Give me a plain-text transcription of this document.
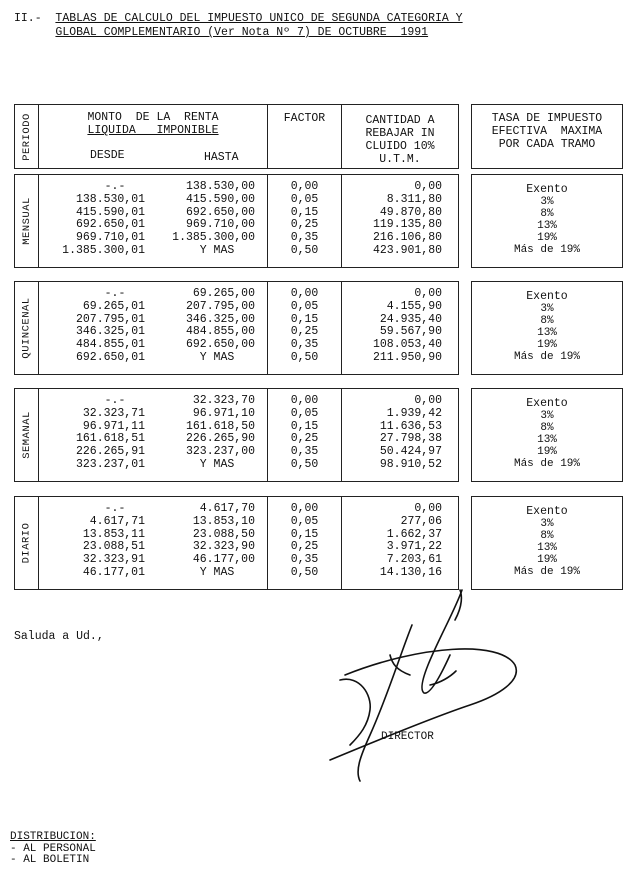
II.- TABLAS DE CALCULO DEL IMPUESTO UNICO DE SEGUNDA CATEGORIA Y
GLOBAL COMPLEMENTARIO (Ver Nota Nº 7) DE OCTUBRE  1991
PERIODO	MONTO  DE LA  RENTA
LIQUIDA   IMPONIBLE
DESDE	HASTA
FACTOR	CANTIDAD A
REBAJAR IN
CLUIDO 10%
U.T.M.
TASA DE IMPUESTO
EFECTIVA  MAXIMA
POR CADA TRAMO
MENSUAL
-.-	138.530,00	0,00	0,00
138.530,01	415.590,00	0,05	8.311,80
415.590,01	692.650,00	0,15	49.870,80
692.650,01	969.710,00	0,25	119.135,80
969.710,01	1.385.300,00	0,35	216.106,80
1.385.300,01	Y MAS	0,50	423.901,80
Exento
3%
8%
13%
19%
Más de 19%
QUINCENAL
-.-	69.265,00	0,00	0,00
69.265,01	207.795,00	0,05	4.155,90
207.795,01	346.325,00	0,15	24.935,40
346.325,01	484.855,00	0,25	59.567,90
484.855,01	692.650,00	0,35	108.053,40
692.650,01	Y MAS	0,50	211.950,90
Exento
3%
8%
13%
19%
Más de 19%
SEMANAL
-.-	32.323,70	0,00	0,00
32.323,71	96.971,10	0,05	1.939,42
96.971,11	161.618,50	0,15	11.636,53
161.618,51	226.265,90	0,25	27.798,38
226.265,91	323.237,00	0,35	50.424,97
323.237,01	Y MAS	0,50	98.910,52
Exento
3%
8%
13%
19%
Más de 19%
DIARIO
-.-	4.617,70	0,00	0,00
4.617,71	13.853,10	0,05	277,06
13.853,11	23.088,50	0,15	1.662,37
23.088,51	32.323,90	0,25	3.971,22
32.323,91	46.177,00	0,35	7.203,61
46.177,01	Y MAS	0,50	14.130,16
Exento
3%
8%
13%
19%
Más de 19%
Saluda a Ud.,
DIRECTOR
DISTRIBUCION:
- AL PERSONAL
- AL BOLETIN
